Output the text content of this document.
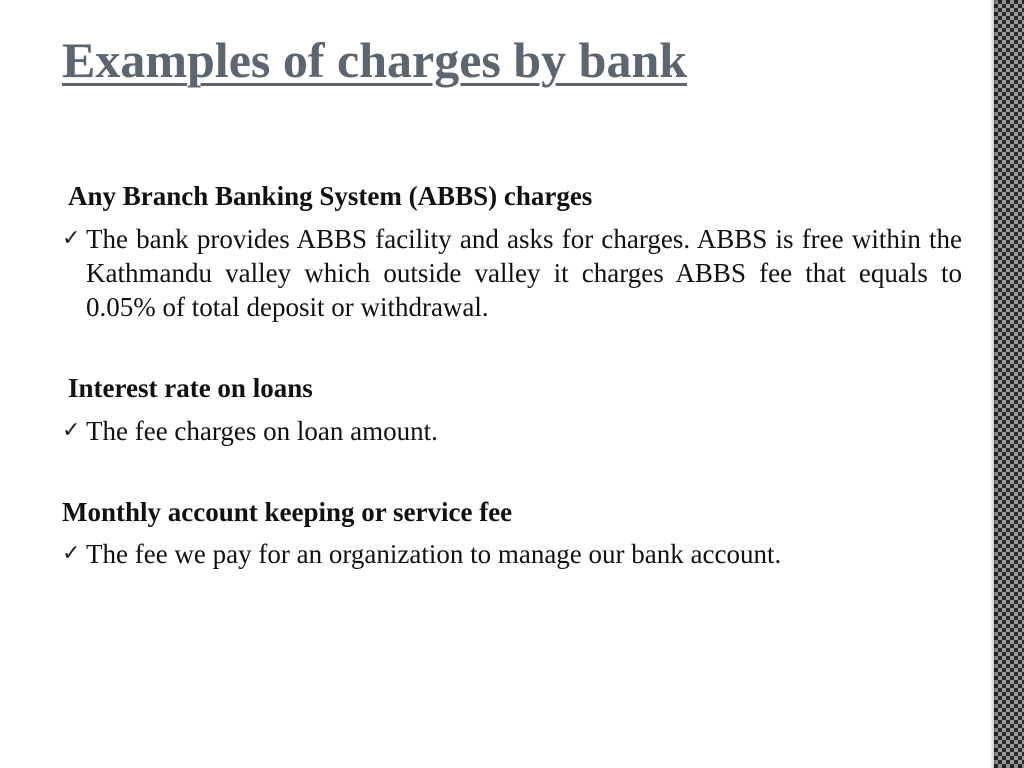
Examples of charges by bank
Any Branch Banking System (ABBS) charges
✓ The bank provides ABBS facility and asks for charges. ABBS is free within the Kathmandu valley which outside valley it charges ABBS fee that equals to 0.05% of total deposit or withdrawal.
Interest rate on loans
✓ The fee charges on loan amount.
Monthly account keeping or service fee
✓ The fee we pay for an organization to manage our bank account.
